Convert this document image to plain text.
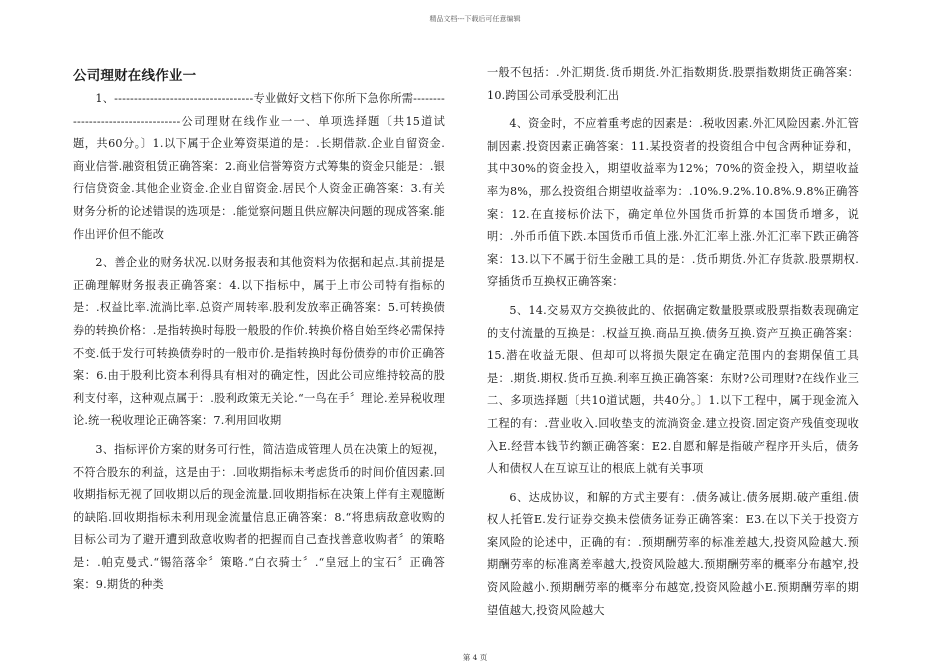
精品文档---下载后可任意编辑

公司理财在线作业一

1、-----------------------------------专业做好文档下你所下急你所需-----------------------------------公司理财在线作业一一、单项选择题〔共15道试题，共60分。〕1.以下属于企业筹资渠道的是：.长期借款.企业自留资金.商业信誉.融资租赁正确答案：2.商业信誉筹资方式筹集的资金只能是：.银行信贷资金.其他企业资金.企业自留资金.居民个人资金正确答案：3.有关财务分析的论述错误的选项是：.能觉察问题且供应解决问题的现成答案.能作出评价但不能改

2、善企业的财务状况.以财务报表和其他资料为依据和起点.其前提是正确理解财务报表正确答案：4.以下指标中，属于上市公司特有指标的是：.权益比率.流淌比率.总资产周转率.股利发放率正确答案：5.可转换债券的转换价格：.是指转换时每股一般股的作价.转换价格自始至终必需保持不变.低于发行可转换债券时的一般市价.是指转换时每份债券的市价正确答案：6.由于股利比资本利得具有相对的确定性，因此公司应维持较高的股利支付率，这种观点属于：.股利政策无关论.“一鸟在手〞理论.差异税收理论.统一税收理论正确答案：7.利用回收期

3、指标评价方案的财务可行性，简洁造成管理人员在决策上的短视，不符合股东的利益，这是由于：.回收期指标未考虑货币的时间价值因素.回收期指标无视了回收期以后的现金流量.回收期指标在决策上伴有主观臆断的缺陷.回收期指标未利用现金流量信息正确答案：8.“将患病敌意收购的目标公司为了避开遭到敌意收购者的把握而自己查找善意收购者〞的策略是：.帕克曼式.“锡箔落伞〞策略.“白衣骑士〞.“皇冠上的宝石〞正确答案：9.期货的种类

一般不包括：.外汇期货.货币期货.外汇指数期货.股票指数期货正确答案：10.跨国公司承受股利汇出

4、资金时，不应着重考虑的因素是：.税收因素.外汇风险因素.外汇管制因素.投资因素正确答案：11.某投资者的投资组合中包含两种证券和，其中30%的资金投入，期望收益率为12%；70%的资金投入，期望收益率为8%，那么投资组合期望收益率为：.10%.9.2%.10.8%.9.8%正确答案：12.在直接标价法下，确定单位外国货币折算的本国货币增多，说明：.外币币值下跌.本国货币币值上涨.外汇汇率上涨.外汇汇率下跌正确答案：13.以下不属于衍生金融工具的是：.货币期货.外汇存货款.股票期权.穿插货币互换权正确答案：

5、14.交易双方交换彼此的、依据确定数量股票或股票指数表现确定的支付流量的互换是：.权益互换.商品互换.债务互换.资产互换正确答案：15.潜在收益无限、但却可以将损失限定在确定范围内的套期保值工具是：.期货.期权.货币互换.利率互换正确答案：东财?公司理财?在线作业三二、多项选择题〔共10道试题，共40分。〕1.以下工程中，属于现金流入工程的有：.营业收入.回收垫支的流淌资金.建立投资.固定资产残值变现收入E.经营本钱节约额正确答案：E2.自愿和解是指破产程序开头后，债务人和债权人在互谅互让的根底上就有关事项

6、达成协议，和解的方式主要有：.债务减让.债务展期.破产重组.债权人托管E.发行证券交换未偿债务证券正确答案：E3.在以下关于投资方案风险的论述中，正确的有：.预期酬劳率的标准差越大,投资风险越大.预期酬劳率的标准离差率越大,投资风险越大.预期酬劳率的概率分布越窄,投资风险越小.预期酬劳率的概率分布越宽,投资风险越小E.预期酬劳率的期望值越大,投资风险越大

第 4 页
